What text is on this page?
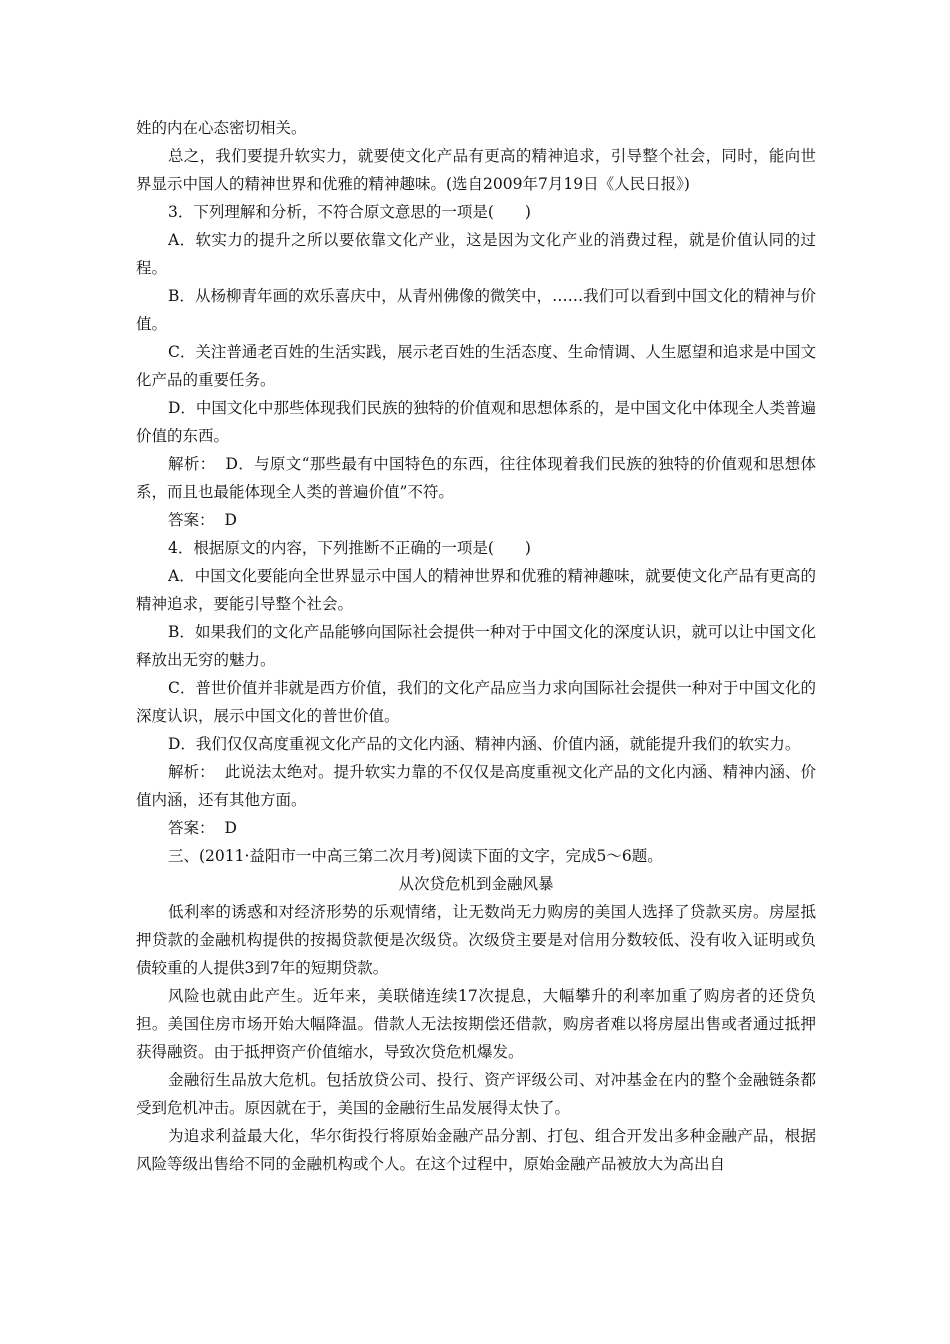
姓的内在心态密切相关。

总之，我们要提升软实力，就要使文化产品有更高的精神追求，引导整个社会，同时，能向世界显示中国人的精神世界和优雅的精神趣味。(选自2009年7月19日《人民日报》)

3．下列理解和分析，不符合原文意思的一项是(　　)

A．软实力的提升之所以要依靠文化产业，这是因为文化产业的消费过程，就是价值认同的过程。

B．从杨柳青年画的欢乐喜庆中，从青州佛像的微笑中，……我们可以看到中国文化的精神与价值。

C．关注普通老百姓的生活实践，展示老百姓的生活态度、生命情调、人生愿望和追求是中国文化产品的重要任务。

D．中国文化中那些体现我们民族的独特的价值观和思想体系的，是中国文化中体现全人类普遍价值的东西。

解析： D．与原文“那些最有中国特色的东西，往往体现着我们民族的独特的价值观和思想体系，而且也最能体现全人类的普遍价值”不符。

答案： D

4．根据原文的内容，下列推断不正确的一项是(　　)

A．中国文化要能向全世界显示中国人的精神世界和优雅的精神趣味，就要使文化产品有更高的精神追求，要能引导整个社会。

B．如果我们的文化产品能够向国际社会提供一种对于中国文化的深度认识，就可以让中国文化释放出无穷的魅力。

C．普世价值并非就是西方价值，我们的文化产品应当力求向国际社会提供一种对于中国文化的深度认识，展示中国文化的普世价值。

D．我们仅仅高度重视文化产品的文化内涵、精神内涵、价值内涵，就能提升我们的软实力。

解析： 此说法太绝对。提升软实力靠的不仅仅是高度重视文化产品的文化内涵、精神内涵、价值内涵，还有其他方面。

答案： D

三、(2011·益阳市一中高三第二次月考)阅读下面的文字，完成5～6题。

从次贷危机到金融风暴

低利率的诱惑和对经济形势的乐观情绪，让无数尚无力购房的美国人选择了贷款买房。房屋抵押贷款的金融机构提供的按揭贷款便是次级贷。次级贷主要是对信用分数较低、没有收入证明或负债较重的人提供3到7年的短期贷款。

风险也就由此产生。近年来，美联储连续17次提息，大幅攀升的利率加重了购房者的还贷负担。美国住房市场开始大幅降温。借款人无法按期偿还借款，购房者难以将房屋出售或者通过抵押获得融资。由于抵押资产价值缩水，导致次贷危机爆发。

金融衍生品放大危机。包括放贷公司、投行、资产评级公司、对冲基金在内的整个金融链条都受到危机冲击。原因就在于，美国的金融衍生品发展得太快了。

为追求利益最大化，华尔街投行将原始金融产品分割、打包、组合开发出多种金融产品，根据风险等级出售给不同的金融机构或个人。在这个过程中，原始金融产品被放大为高出自
